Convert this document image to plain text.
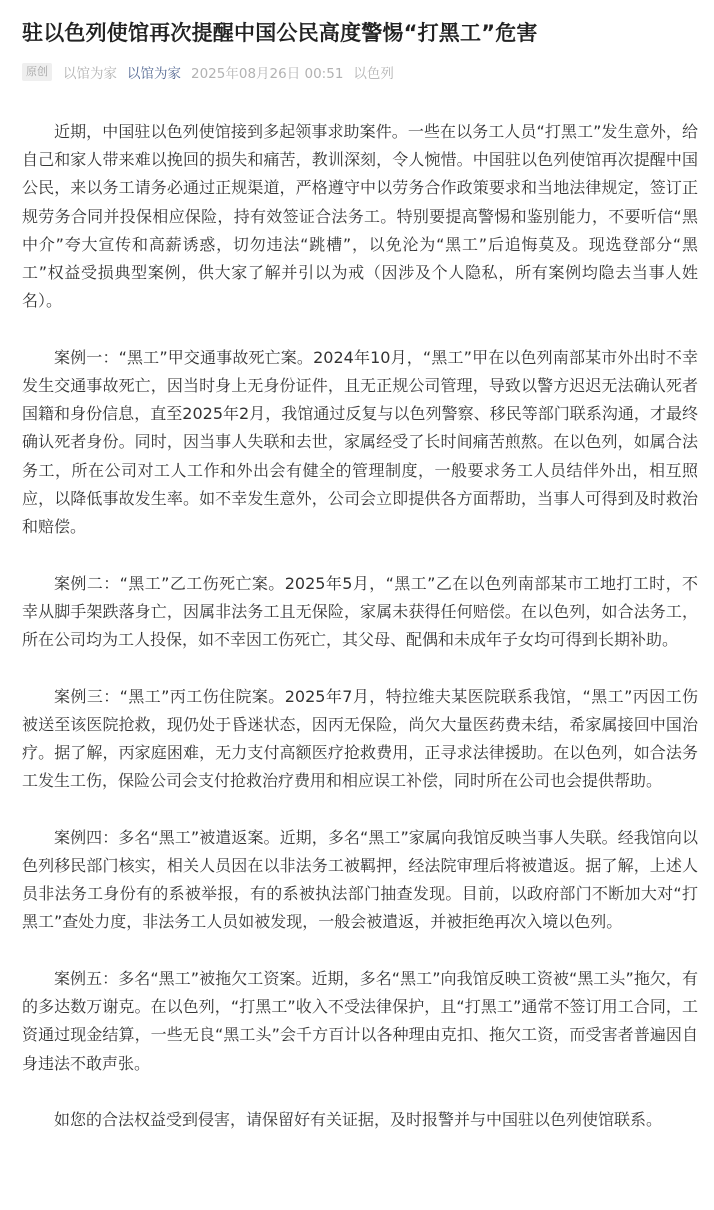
驻以色列使馆再次提醒中国公民高度警惕“打黑工”危害
原创 以馆为家 以馆为家 2025年08月26日 00:51 以色列

近期，中国驻以色列使馆接到多起领事求助案件。一些在以务工人员“打黑工”发生意外，给自己和家人带来难以挽回的损失和痛苦，教训深刻，令人惋惜。中国驻以色列使馆再次提醒中国公民，来以务工请务必通过正规渠道，严格遵守中以劳务合作政策要求和当地法律规定，签订正规劳务合同并投保相应保险，持有效签证合法务工。特别要提高警惕和鉴别能力，不要听信“黑中介”夸大宣传和高薪诱惑，切勿违法“跳槽”，以免沦为“黑工”后追悔莫及。现选登部分“黑工”权益受损典型案例，供大家了解并引以为戒（因涉及个人隐私，所有案例均隐去当事人姓名）。

案例一：“黑工”甲交通事故死亡案。2024年10月，“黑工”甲在以色列南部某市外出时不幸发生交通事故死亡，因当时身上无身份证件，且无正规公司管理，导致以警方迟迟无法确认死者国籍和身份信息，直至2025年2月，我馆通过反复与以色列警察、移民等部门联系沟通，才最终确认死者身份。同时，因当事人失联和去世，家属经受了长时间痛苦煎熬。在以色列，如属合法务工，所在公司对工人工作和外出会有健全的管理制度，一般要求务工人员结伴外出，相互照应，以降低事故发生率。如不幸发生意外，公司会立即提供各方面帮助，当事人可得到及时救治和赔偿。

案例二：“黑工”乙工伤死亡案。2025年5月，“黑工”乙在以色列南部某市工地打工时，不幸从脚手架跌落身亡，因属非法务工且无保险，家属未获得任何赔偿。在以色列，如合法务工，所在公司均为工人投保，如不幸因工伤死亡，其父母、配偶和未成年子女均可得到长期补助。

案例三：“黑工”丙工伤住院案。2025年7月，特拉维夫某医院联系我馆，“黑工”丙因工伤被送至该医院抢救，现仍处于昏迷状态，因丙无保险，尚欠大量医药费未结，希家属接回中国治疗。据了解，丙家庭困难，无力支付高额医疗抢救费用，正寻求法律援助。在以色列，如合法务工发生工伤，保险公司会支付抢救治疗费用和相应误工补偿，同时所在公司也会提供帮助。

案例四：多名“黑工”被遣返案。近期，多名“黑工”家属向我馆反映当事人失联。经我馆向以色列移民部门核实，相关人员因在以非法务工被羁押，经法院审理后将被遣返。据了解，上述人员非法务工身份有的系被举报，有的系被执法部门抽查发现。目前，以政府部门不断加大对“打黑工”查处力度，非法务工人员如被发现，一般会被遣返，并被拒绝再次入境以色列。

案例五：多名“黑工”被拖欠工资案。近期，多名“黑工”向我馆反映工资被“黑工头”拖欠，有的多达数万谢克。在以色列，“打黑工”收入不受法律保护，且“打黑工”通常不签订用工合同，工资通过现金结算，一些无良“黑工头”会千方百计以各种理由克扣、拖欠工资，而受害者普遍因自身违法不敢声张。

如您的合法权益受到侵害，请保留好有关证据，及时报警并与中国驻以色列使馆联系。
